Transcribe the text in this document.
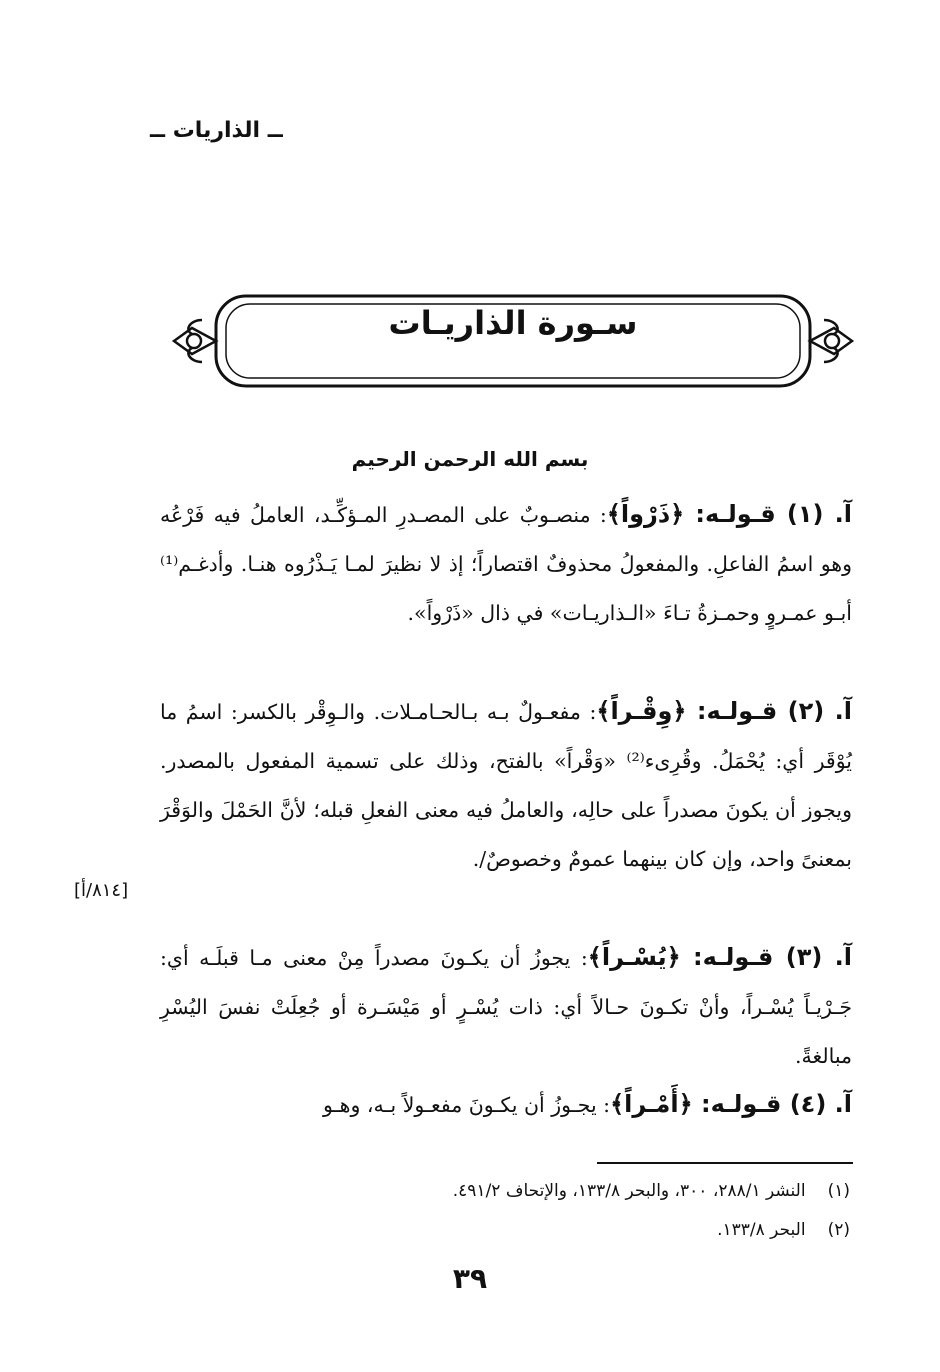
ــ الذاريات ــ
سـورة الذاريـات
بسم الله الرحمن الرحيم

آ. (١) قـولـه: ﴿ذَرْواً﴾: منصـوبٌ على المصـدرِ المـؤكِّـد، العاملُ فيه فَرْعُه وهو اسمُ الفاعلِ. والمفعولُ محذوفٌ اقتصاراً؛ إذ لا نظيرَ لمـا يَـذْرُوه هنـا. وأدغـم⁽¹⁾ أبـو عمـروٍ وحمـزةُ تـاءَ «الـذاريـات» في ذال «ذَرْواً».

آ. (٢) قـولـه: ﴿وِقْـراً﴾: مفعـولٌ بـه بـالحـامـلات. والـوِقْر بالكسر: اسمُ ما يُوْقَر أي: يُحْمَلُ. وقُرِىء⁽²⁾ «وَقْراً» بالفتح، وذلك على تسمية المفعول بالمصدر. ويجوز أن يكونَ مصدراً على حالِه، والعاملُ فيه معنى الفعلِ قبله؛ لأنَّ الحَمْلَ والوَقْرَ بمعنىً واحد، وإن كان بينهما عمومٌ وخصوصٌ/.

[٨١٤/أ]

آ. (٣) قـولـه: ﴿يُسْـراً﴾: يجوزُ أن يكـونَ مصدراً مِنْ معنى مـا قبلَـه أي: جَـرْيـاً يُسْـراً، وأنْ تكـونَ حـالاً أي: ذات يُسْـرٍ أو مَيْسَـرة أو جُعِلَتْ نفسَ اليُسْرِ مبالغةً.

آ. (٤) قـولـه: ﴿أَمْـراً﴾: يجـوزُ أن يكـونَ مفعـولاً بـه، وهـو

(١)النشر ٢٨٨/١، ٣٠٠، والبحر ١٣٣/٨، والإتحاف ٤٩١/٢.
(٢)البحر ١٣٣/٨.
٣٩
